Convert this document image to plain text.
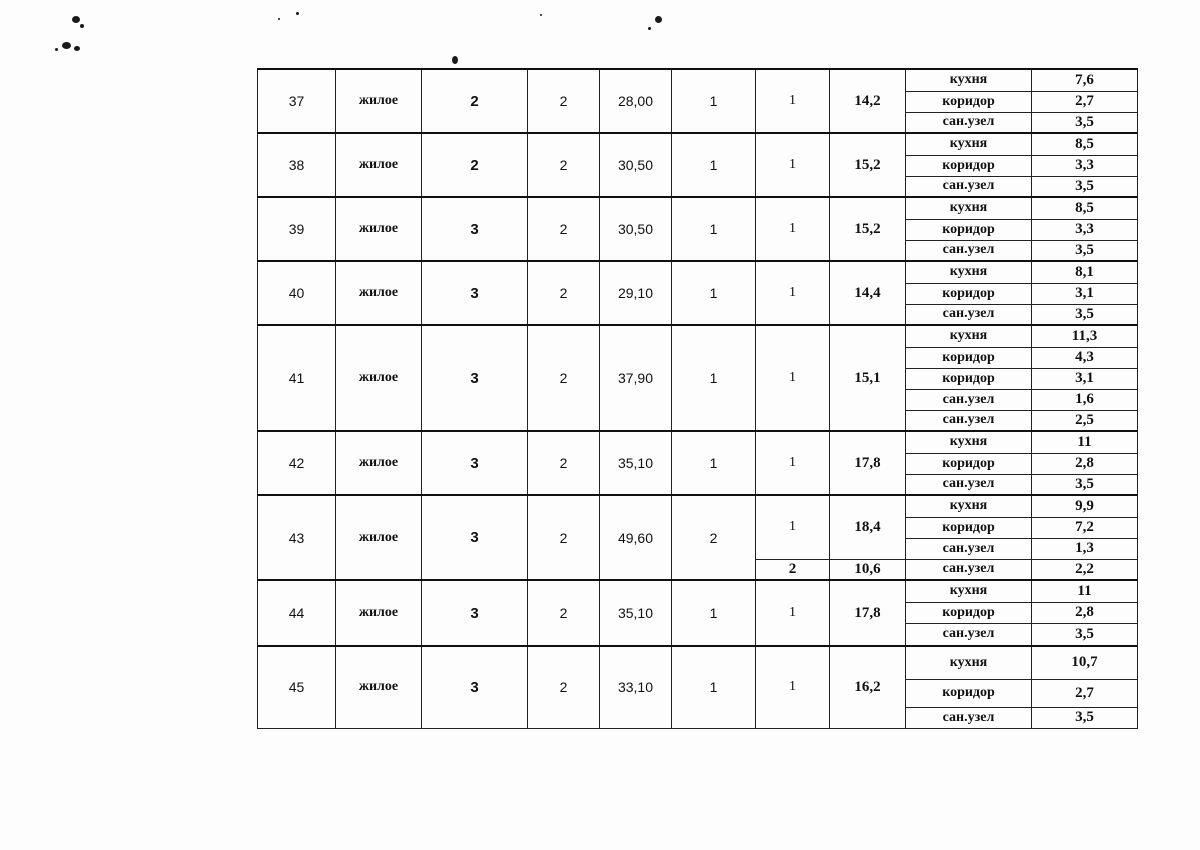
37	жилое	2	2	28,00	1	1	14,2	кухня	7,6
								коридор	2,7
								сан.узел	3,5
38	жилое	2	2	30,50	1	1	15,2	кухня	8,5
								коридор	3,3
								сан.узел	3,5
39	жилое	3	2	30,50	1	1	15,2	кухня	8,5
								коридор	3,3
								сан.узел	3,5
40	жилое	3	2	29,10	1	1	14,4	кухня	8,1
								коридор	3,1
								сан.узел	3,5
41	жилое	3	2	37,90	1	1	15,1	кухня	11,3
								коридор	4,3
								коридор	3,1
								сан.узел	1,6
								сан.узел	2,5
42	жилое	3	2	35,10	1	1	17,8	кухня	11
								коридор	2,8
								сан.узел	3,5
43	жилое	3	2	49,60	2	1	18,4	кухня	9,9
								коридор	7,2
								сан.узел	1,3
						2	10,6	сан.узел	2,2
44	жилое	3	2	35,10	1	1	17,8	кухня	11
								коридор	2,8
								сан.узел	3,5
45	жилое	3	2	33,10	1	1	16,2	кухня	10,7
								коридор	2,7
								сан.узел	3,5
